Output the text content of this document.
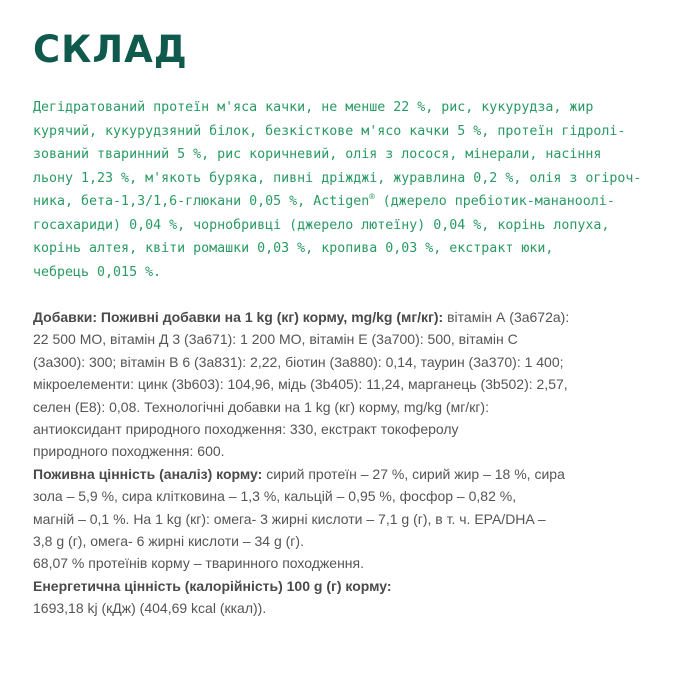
СКЛАД
Дегідратований протеїн м'яса качки, не менше 22 %, рис, кукурудза, жир
курячий, кукурудзяний білок, безкісткове м'ясо качки 5 %, протеїн гідролі-
зований тваринний 5 %, рис коричневий, олія з лосося, мінерали, насіння
льону 1,23 %, м'якоть буряка, пивні дріжджі, журавлина 0,2 %, олія з огіроч-
ника, бета-1,3/1,6-глюкани 0,05 %, Actigen® (джерело пребіотик-мананоолі-
госахариди) 0,04 %, чорнобривці (джерело лютеїну) 0,04 %, корінь лопуха,
корінь алтея, квіти ромашки 0,03 %, кропива 0,03 %, екстракт юки,
чебрець 0,015 %.
Добавки: Поживні добавки на 1 kg (кг) корму, mg/kg (мг/кг): вітамін А (3а672а):
22 500 МО, вітамін Д 3 (3а671): 1 200 МО, вітамін Е (3а700): 500, вітамін С
(3а300): 300; вітамін В 6 (3а831): 2,22, біотин (3а880): 0,14, таурин (3а370): 1 400;
мікроелементи: цинк (3b603): 104,96, мідь (3b405): 11,24, марганець (3b502): 2,57,
селен (Е8): 0,08. Технологічні добавки на 1 kg (кг) корму, mg/kg (мг/кг):
антиоксидант природного походження: 330, екстракт токоферолу
природного походження: 600.
Поживна цінність (аналіз) корму: сирий протеїн – 27 %, сирий жир – 18 %, сира
зола – 5,9 %, сира клітковина – 1,3 %, кальцій – 0,95 %, фосфор – 0,82 %,
магній – 0,1 %. На 1 kg (кг): омега- 3 жирні кислоти – 7,1 g (г), в т. ч. EPA/DHA –
3,8 g (г), омега- 6 жирні кислоти – 34 g (г).
68,07 % протеїнів корму – тваринного походження.
Енергетична цінність (калорійність) 100 g (г) корму:
1693,18 kj (кДж) (404,69 kcal (ккал)).
